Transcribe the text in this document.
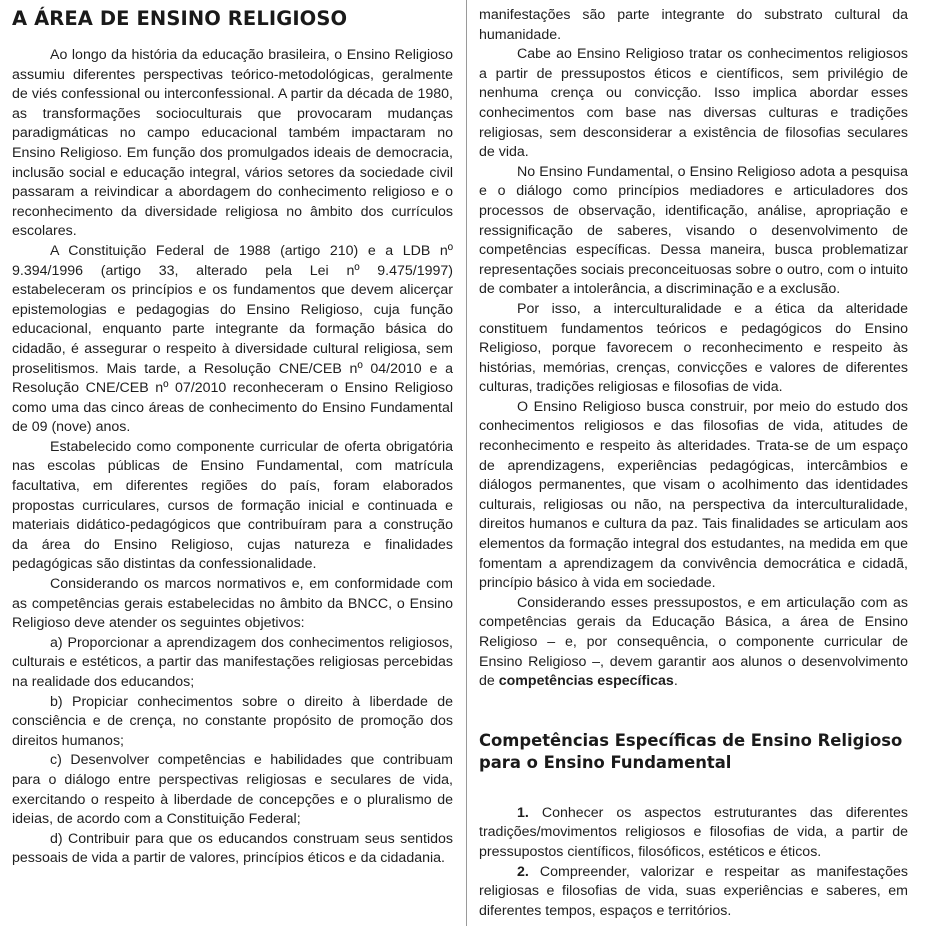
A ÁREA DE ENSINO RELIGIOSO

Ao longo da história da educação brasileira, o Ensino Religioso assumiu diferentes perspectivas teórico-metodológicas, geralmente de viés confessional ou interconfessional. A partir da década de 1980, as transformações socioculturais que provocaram mudanças paradigmáticas no campo educacional também impactaram no Ensino Religioso. Em função dos promulgados ideais de democracia, inclusão social e educação integral, vários setores da sociedade civil passaram a reivindicar a abordagem do conhecimento religioso e o reconhecimento da diversidade religiosa no âmbito dos currículos escolares.

A Constituição Federal de 1988 (artigo 210) e a LDB nº 9.394/1996 (artigo 33, alterado pela Lei nº 9.475/1997) estabeleceram os princípios e os fundamentos que devem alicerçar epistemologias e pedagogias do Ensino Religioso, cuja função educacional, enquanto parte integrante da formação básica do cidadão, é assegurar o respeito à diversidade cultural religiosa, sem proselitismos. Mais tarde, a Resolução CNE/CEB nº 04/2010 e a Resolução CNE/CEB nº 07/2010 reconheceram o Ensino Religioso como uma das cinco áreas de conhecimento do Ensino Fundamental de 09 (nove) anos.

Estabelecido como componente curricular de oferta obrigatória nas escolas públicas de Ensino Fundamental, com matrícula facultativa, em diferentes regiões do país, foram elaborados propostas curriculares, cursos de formação inicial e continuada e materiais didático-pedagógicos que contribuíram para a construção da área do Ensino Religioso, cujas natureza e finalidades pedagógicas são distintas da confessionalidade.

Considerando os marcos normativos e, em conformidade com as competências gerais estabelecidas no âmbito da BNCC, o Ensino Religioso deve atender os seguintes objetivos:

a) Proporcionar a aprendizagem dos conhecimentos religiosos, culturais e estéticos, a partir das manifestações religiosas percebidas na realidade dos educandos;

b) Propiciar conhecimentos sobre o direito à liberdade de consciência e de crença, no constante propósito de promoção dos direitos humanos;

c) Desenvolver competências e habilidades que contribuam para o diálogo entre perspectivas religiosas e seculares de vida, exercitando o respeito à liberdade de concepções e o pluralismo de ideias, de acordo com a Constituição Federal;

d) Contribuir para que os educandos construam seus sentidos pessoais de vida a partir de valores, princípios éticos e da cidadania.

manifestações são parte integrante do substrato cultural da humanidade.

Cabe ao Ensino Religioso tratar os conhecimentos religiosos a partir de pressupostos éticos e científicos, sem privilégio de nenhuma crença ou convicção. Isso implica abordar esses conhecimentos com base nas diversas culturas e tradições religiosas, sem desconsiderar a existência de filosofias seculares de vida.

No Ensino Fundamental, o Ensino Religioso adota a pesquisa e o diálogo como princípios mediadores e articuladores dos processos de observação, identificação, análise, apropriação e ressignificação de saberes, visando o desenvolvimento de competências específicas. Dessa maneira, busca problematizar representações sociais preconceituosas sobre o outro, com o intuito de combater a intolerância, a discriminação e a exclusão.

Por isso, a interculturalidade e a ética da alteridade constituem fundamentos teóricos e pedagógicos do Ensino Religioso, porque favorecem o reconhecimento e respeito às histórias, memórias, crenças, convicções e valores de diferentes culturas, tradições religiosas e filosofias de vida.

O Ensino Religioso busca construir, por meio do estudo dos conhecimentos religiosos e das filosofias de vida, atitudes de reconhecimento e respeito às alteridades. Trata-se de um espaço de aprendizagens, experiências pedagógicas, intercâmbios e diálogos permanentes, que visam o acolhimento das identidades culturais, religiosas ou não, na perspectiva da interculturalidade, direitos humanos e cultura da paz. Tais finalidades se articulam aos elementos da formação integral dos estudantes, na medida em que fomentam a aprendizagem da convivência democrática e cidadã, princípio básico à vida em sociedade.

Considerando esses pressupostos, e em articulação com as competências gerais da Educação Básica, a área de Ensino Religioso – e, por consequência, o componente curricular de Ensino Religioso –, devem garantir aos alunos o desenvolvimento de competências específicas.

Competências Específicas de Ensino Religioso para o Ensino Fundamental

1. Conhecer os aspectos estruturantes das diferentes tradições/movimentos religiosos e filosofias de vida, a partir de pressupostos científicos, filosóficos, estéticos e éticos.

2. Compreender, valorizar e respeitar as manifestações religiosas e filosofias de vida, suas experiências e saberes, em diferentes tempos, espaços e territórios.
